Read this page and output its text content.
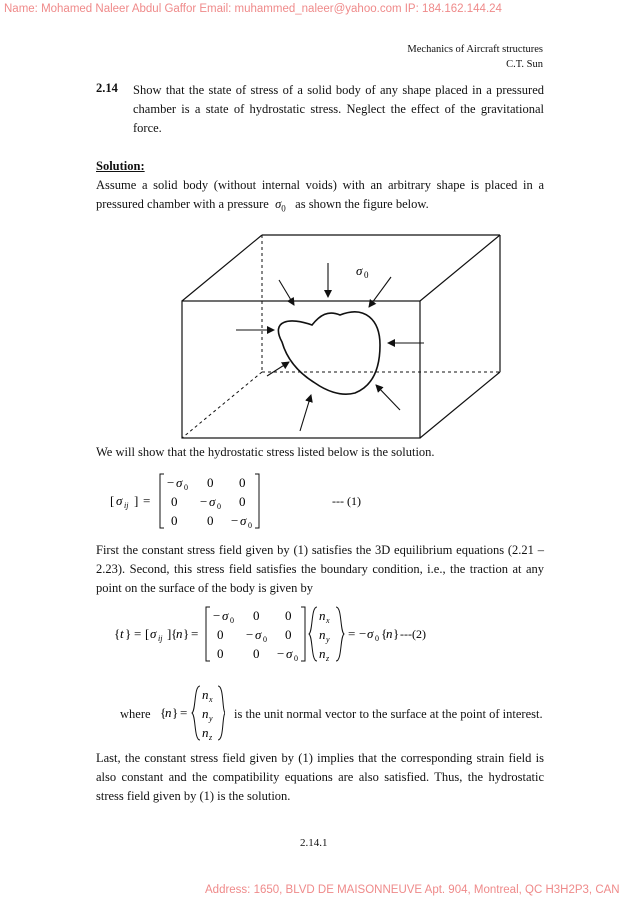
Name: Mohamed Naleer Abdul Gaffor Email: muhammed_naleer@yahoo.com IP: 184.162.144.24
Mechanics of Aircraft structures
C.T. Sun
2.14 Show that the state of stress of a solid body of any shape placed in a pressured chamber is a state of hydrostatic stress. Neglect the effect of the gravitational force.
Solution:
Assume a solid body (without internal voids) with an arbitrary shape is placed in a pressured chamber with a pressure $\sigma_0$ as shown the figure below.
σ 0
We will show that the hydrostatic stress listed below is the solution.
[ σ ij ] =
− σ 0 0 0
0 − σ 0 0
0 0 − σ 0
--- (1)
First the constant stress field given by (1) satisfies the 3D equilibrium equations (2.21 – 2.23). Second, this stress field satisfies the boundary condition, i.e., the traction at any point on the surface of the body is given by
{ t } = [ σ ij ] {
n } =
− σ 0 0 0
0 − σ 0 0
0 0 − σ 0
n x
n y
n z
= − σ 0 {
n } ---(2)
where {
n } =
n x
n y
n z
is the unit normal vector to the surface at the point of interest.
Last, the constant stress field given by (1) implies that the corresponding strain field is also constant and the compatibility equations are also satisfied. Thus, the hydrostatic stress field given by (1) is the solution.
2.14.1
Address: 1650, BLVD DE MAISONNEUVE Apt. 904, Montreal, QC H3H2P3, CAN
